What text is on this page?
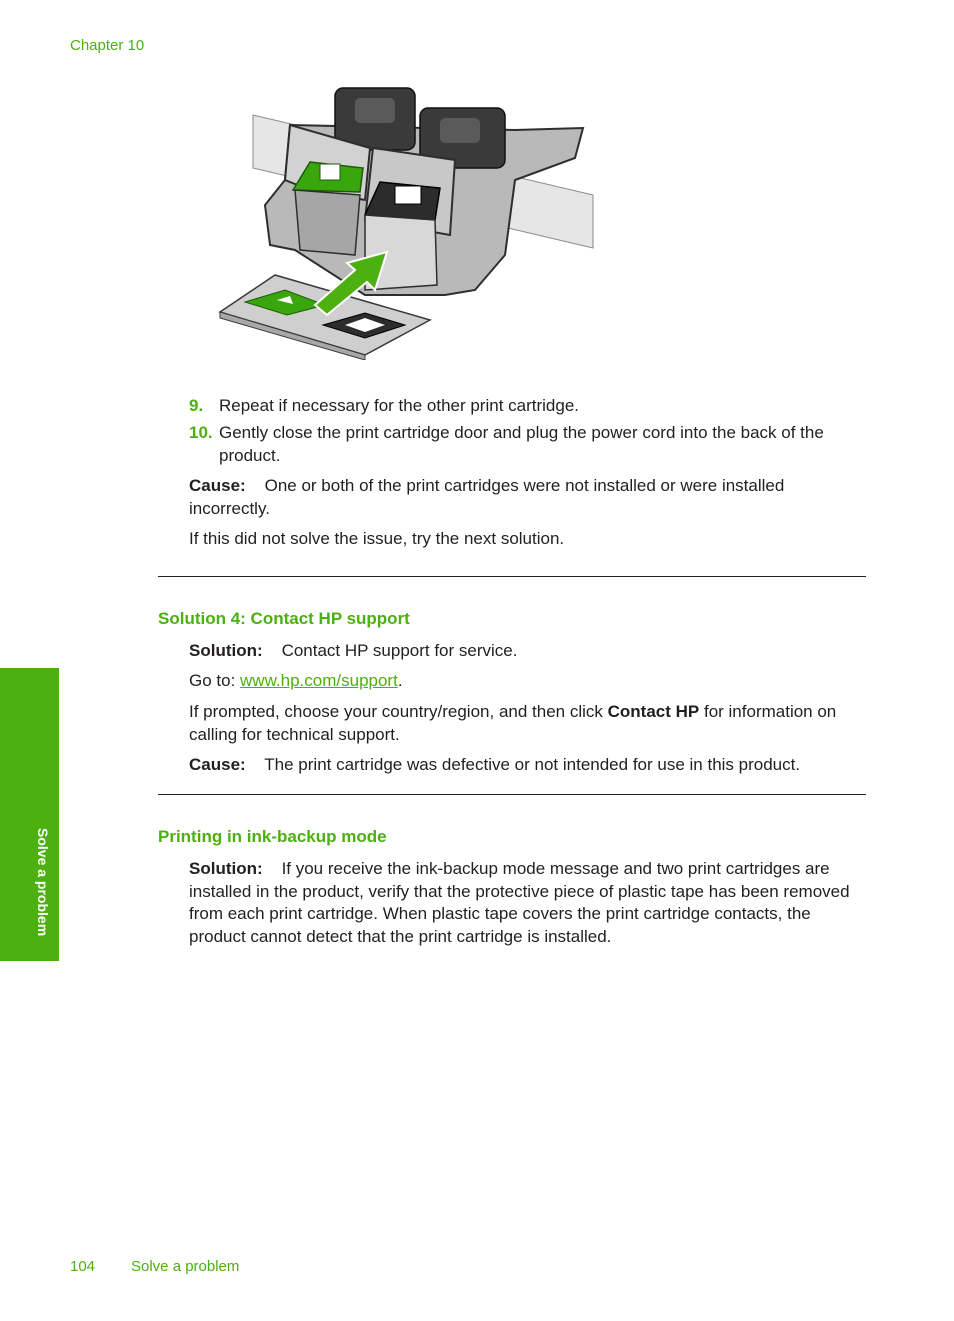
Chapter 10
9. Repeat if necessary for the other print cartridge.
10. Gently close the print cartridge door and plug the power cord into the back of the product.

Cause: One or both of the print cartridges were not installed or were installed incorrectly.

If this did not solve the issue, try the next solution.

Solution 4: Contact HP support

Solution: Contact HP support for service.

Go to: www.hp.com/support.

If prompted, choose your country/region, and then click Contact HP for information on calling for technical support.

Cause: The print cartridge was defective or not intended for use in this product.

Printing in ink-backup mode

Solution: If you receive the ink-backup mode message and two print cartridges are installed in the product, verify that the protective piece of plastic tape has been removed from each print cartridge. When plastic tape covers the print cartridge contacts, the product cannot detect that the print cartridge is installed.

Solve a problem
104 Solve a problem
